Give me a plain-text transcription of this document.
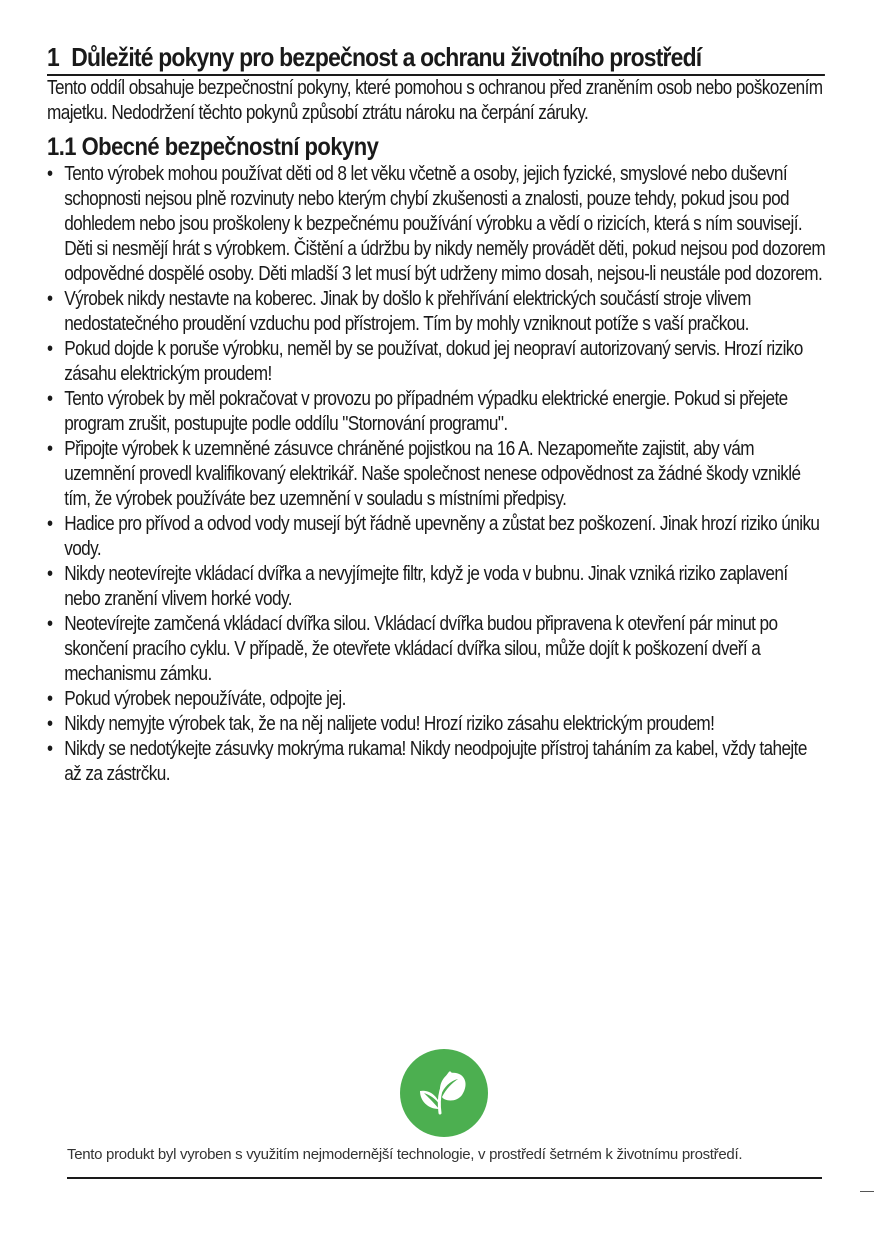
1 Důležité pokyny pro bezpečnost a ochranu životního prostředí

Tento oddíl obsahuje bezpečnostní pokyny, které pomohou s ochranou před zraněním osob nebo poškozením majetku. Nedodržení těchto pokynů způsobí ztrátu nároku na čerpání záruky.

1.1 Obecné bezpečnostní pokyny
• Tento výrobek mohou používat děti od 8 let věku včetně a osoby, jejich fyzické, smyslové nebo duševní schopnosti nejsou plně rozvinuty nebo kterým chybí zkušenosti a znalosti, pouze tehdy, pokud jsou pod dohledem nebo jsou proškoleny k bezpečnému používání výrobku a vědí o rizicích, která s ním souvisejí. Děti si nesmějí hrát s výrobkem. Čištění a údržbu by nikdy neměly provádět děti, pokud nejsou pod dozorem odpovědné dospělé osoby. Děti mladší 3 let musí být udrženy mimo dosah, nejsou-li neustále pod dozorem.
• Výrobek nikdy nestavte na koberec. Jinak by došlo k přehřívání elektrických součástí stroje vlivem nedostatečného proudění vzduchu pod přístrojem. Tím by mohly vzniknout potíže s vaší pračkou.
• Pokud dojde k poruše výrobku, neměl by se používat, dokud jej neopraví autorizovaný servis. Hrozí riziko zásahu elektrickým proudem!
• Tento výrobek by měl pokračovat v provozu po případném výpadku elektrické energie. Pokud si přejete program zrušit, postupujte podle oddílu "Stornování programu".
• Připojte výrobek k uzemněné zásuvce chráněné pojistkou na 16 A. Nezapomeňte zajistit, aby vám uzemnění provedl kvalifikovaný elektrikář. Naše společnost nenese odpovědnost za žádné škody vzniklé tím, že výrobek používáte bez uzemnění v souladu s místními předpisy.
• Hadice pro přívod a odvod vody musejí být řádně upevněny a zůstat bez poškození. Jinak hrozí riziko úniku vody.
• Nikdy neotevírejte vkládací dvířka a nevyjímejte filtr, když je voda v bubnu. Jinak vzniká riziko zaplavení nebo zranění vlivem horké vody.
• Neotevírejte zamčená vkládací dvířka silou. Vkládací dvířka budou připravena k otevření pár minut po skončení pracího cyklu. V případě, že otevřete vkládací dvířka silou, může dojít k poškození dveří a mechanismu zámku.
• Pokud výrobek nepoužíváte, odpojte jej.
• Nikdy nemyjte výrobek tak, že na něj nalijete vodu! Hrozí riziko zásahu elektrickým proudem!
• Nikdy se nedotýkejte zásuvky mokrýma rukama! Nikdy neodpojujte přístroj taháním za kabel, vždy tahejte až za zástrčku.
Tento produkt byl vyroben s využitím nejmodernější technologie, v prostředí šetrném k životnímu prostředí.
